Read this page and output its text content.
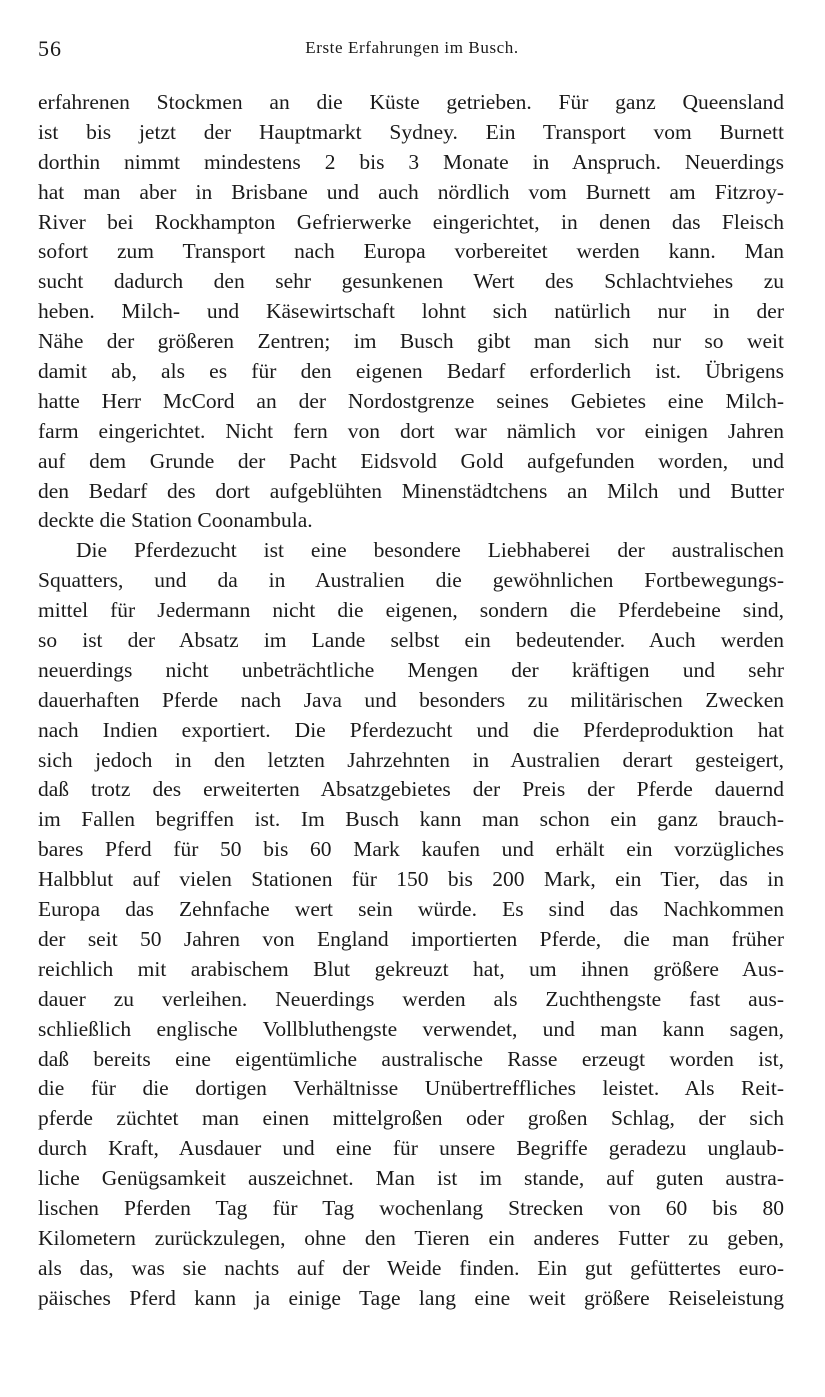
56	Erste Erfahrungen im Busch.
erfahrenen Stockmen an die Küste getrieben. Für ganz Queensland
ist bis jetzt der Hauptmarkt Sydney. Ein Transport vom Burnett
dorthin nimmt mindestens 2 bis 3 Monate in Anspruch. Neuerdings
hat man aber in Brisbane und auch nördlich vom Burnett am Fitzroy-
River bei Rockhampton Gefrierwerke eingerichtet, in denen das Fleisch
sofort zum Transport nach Europa vorbereitet werden kann. Man
sucht dadurch den sehr gesunkenen Wert des Schlachtviehes zu
heben. Milch- und Käsewirtschaft lohnt sich natürlich nur in der
Nähe der größeren Zentren; im Busch gibt man sich nur so weit
damit ab, als es für den eigenen Bedarf erforderlich ist. Übrigens
hatte Herr McCord an der Nordostgrenze seines Gebietes eine Milch-
farm eingerichtet. Nicht fern von dort war nämlich vor einigen Jahren
auf dem Grunde der Pacht Eidsvold Gold aufgefunden worden, und
den Bedarf des dort aufgeblühten Minenstädtchens an Milch und Butter
deckte die Station Coonambula.
Die Pferdezucht ist eine besondere Liebhaberei der australischen
Squatters, und da in Australien die gewöhnlichen Fortbewegungs-
mittel für Jedermann nicht die eigenen, sondern die Pferdebeine sind,
so ist der Absatz im Lande selbst ein bedeutender. Auch werden
neuerdings nicht unbeträchtliche Mengen der kräftigen und sehr
dauerhaften Pferde nach Java und besonders zu militärischen Zwecken
nach Indien exportiert. Die Pferdezucht und die Pferdeproduktion hat
sich jedoch in den letzten Jahrzehnten in Australien derart gesteigert,
daß trotz des erweiterten Absatzgebietes der Preis der Pferde dauernd
im Fallen begriffen ist. Im Busch kann man schon ein ganz brauch-
bares Pferd für 50 bis 60 Mark kaufen und erhält ein vorzügliches
Halbblut auf vielen Stationen für 150 bis 200 Mark, ein Tier, das in
Europa das Zehnfache wert sein würde. Es sind das Nachkommen
der seit 50 Jahren von England importierten Pferde, die man früher
reichlich mit arabischem Blut gekreuzt hat, um ihnen größere Aus-
dauer zu verleihen. Neuerdings werden als Zuchthengste fast aus-
schließlich englische Vollbluthengste verwendet, und man kann sagen,
daß bereits eine eigentümliche australische Rasse erzeugt worden ist,
die für die dortigen Verhältnisse Unübertreffliches leistet. Als Reit-
pferde züchtet man einen mittelgroßen oder großen Schlag, der sich
durch Kraft, Ausdauer und eine für unsere Begriffe geradezu unglaub-
liche Genügsamkeit auszeichnet. Man ist im stande, auf guten austra-
lischen Pferden Tag für Tag wochenlang Strecken von 60 bis 80
Kilometern zurückzulegen, ohne den Tieren ein anderes Futter zu geben,
als das, was sie nachts auf der Weide finden. Ein gut gefüttertes euro-
päisches Pferd kann ja einige Tage lang eine weit größere Reiseleistung
